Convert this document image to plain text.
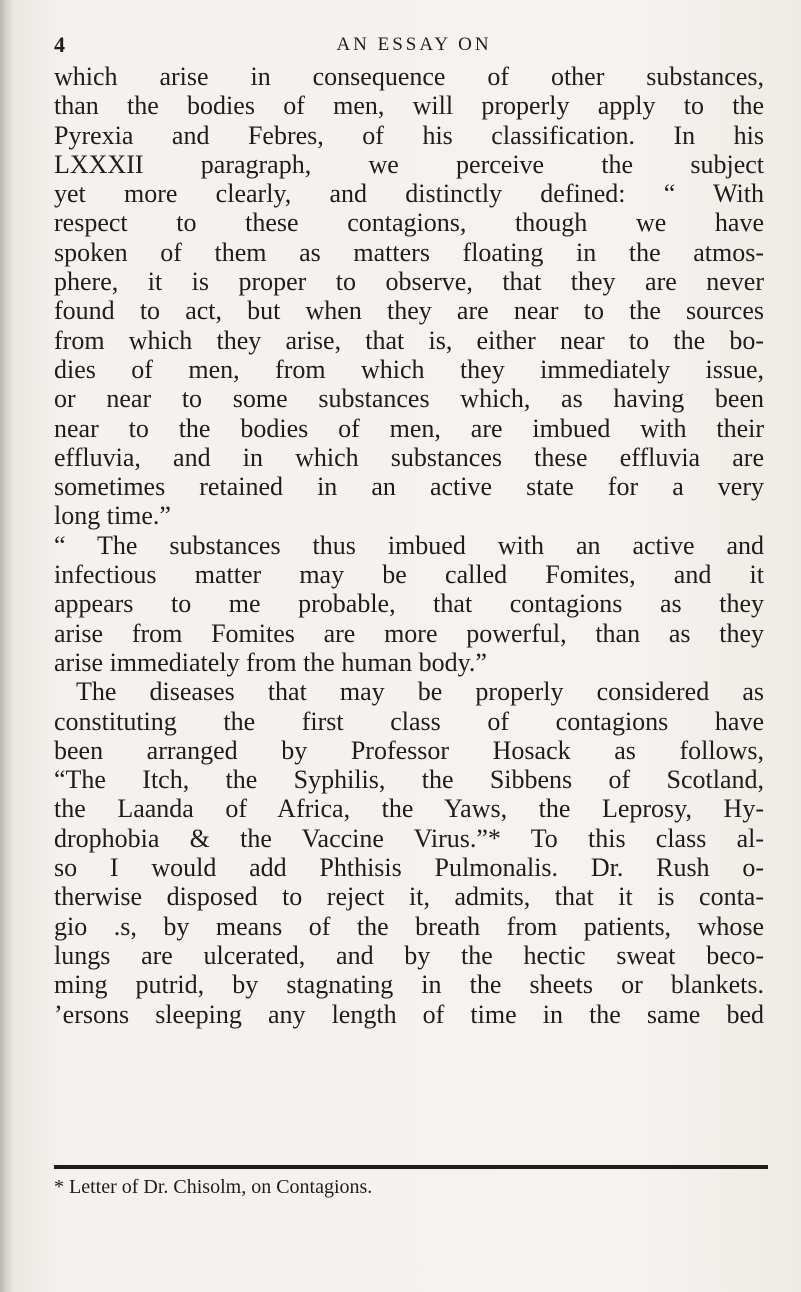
4	AN ESSAY ON
which arise in consequence of other substances,
than the bodies of men, will properly apply to the
Pyrexia and Febres, of his classification. In his
LXXXII paragraph, we perceive the subject
yet more clearly, and distinctly defined: “ With
respect to these contagions, though we have
spoken of them as matters floating in the atmos-
phere, it is proper to observe, that they are never
found to act, but when they are near to the sources
from which they arise, that is, either near to the bo-
dies of men, from which they immediately issue,
or near to some substances which, as having been
near to the bodies of men, are imbued with their
effluvia, and in which substances these effluvia are
sometimes retained in an active state for a very
long time.”
“ The substances thus imbued with an active and
infectious matter may be called Fomites, and it
appears to me probable, that contagions as they
arise from Fomites are more powerful, than as they
arise immediately from the human body.”
The diseases that may be properly considered as
constituting the first class of contagions have
been arranged by Professor Hosack as follows,
“The Itch, the Syphilis, the Sibbens of Scotland,
the Laanda of Africa, the Yaws, the Leprosy, Hy-
drophobia & the Vaccine Virus.”* To this class al-
so I would add Phthisis Pulmonalis. Dr. Rush o-
therwise disposed to reject it, admits, that it is conta-
gio .s, by means of the breath from patients, whose
lungs are ulcerated, and by the hectic sweat beco-
ming putrid, by stagnating in the sheets or blankets.
’ersons sleeping any length of time in the same bed
* Letter of Dr. Chisolm, on Contagions.
